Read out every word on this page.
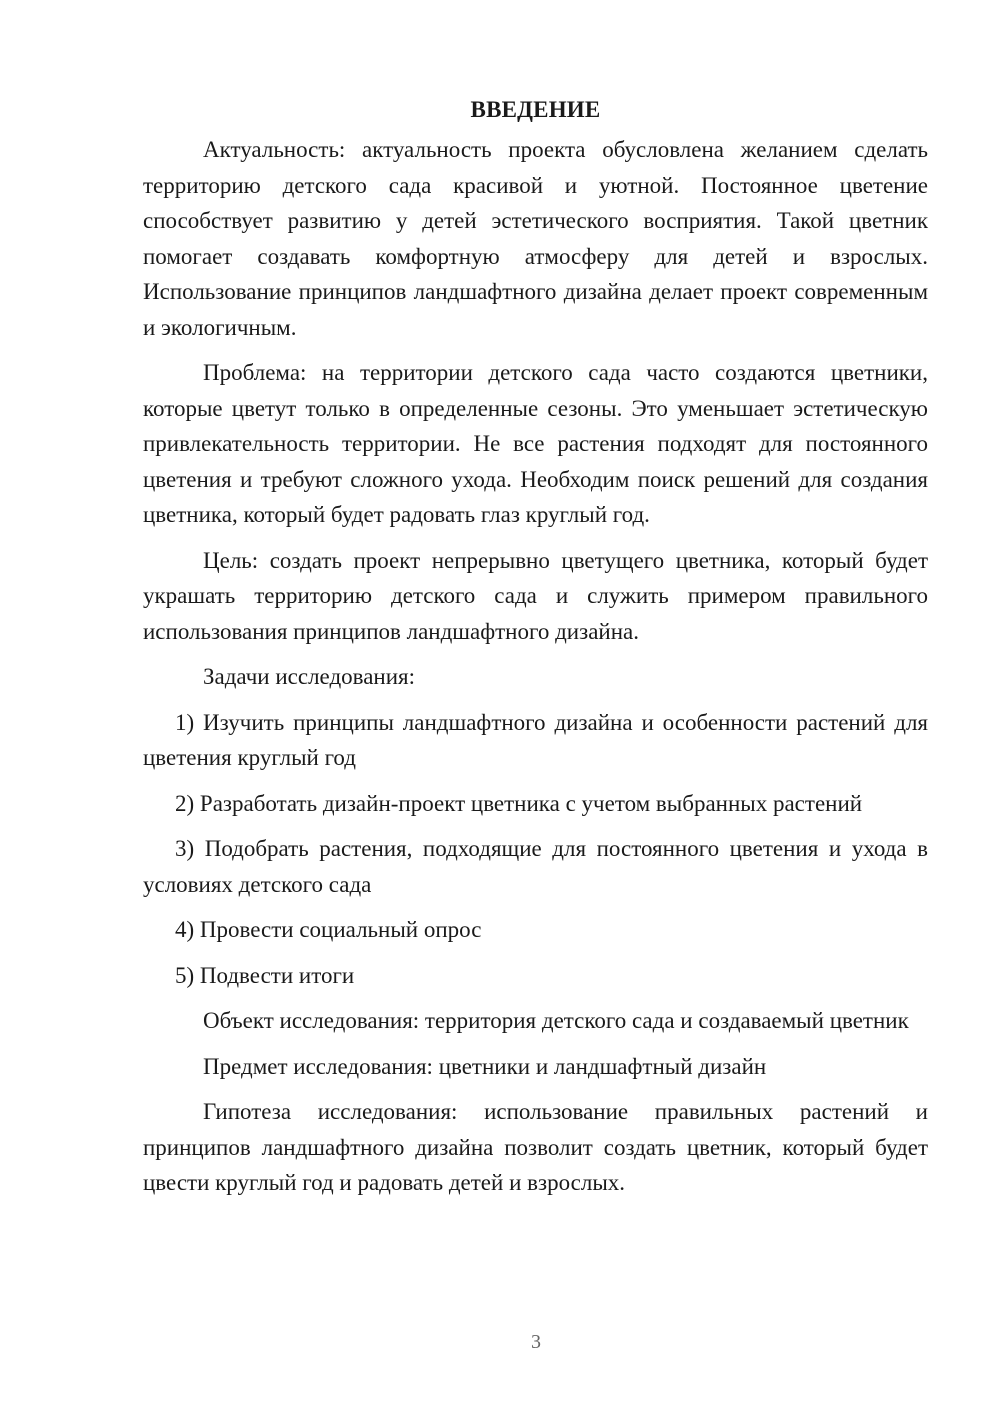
ВВЕДЕНИЕ

Актуальность: актуальность проекта обусловлена желанием сделать территорию детского сада красивой и уютной. Постоянное цветение способствует развитию у детей эстетического восприятия. Такой цветник помогает создавать комфортную атмосферу для детей и взрослых. Использование принципов ландшафтного дизайна делает проект современным и экологичным.

Проблема: на территории детского сада часто создаются цветники, которые цветут только в определенные сезоны. Это уменьшает эстетическую привлекательность территории. Не все растения подходят для постоянного цветения и требуют сложного ухода. Необходим поиск решений для создания цветника, который будет радовать глаз круглый год.

Цель: создать проект непрерывно цветущего цветника, который будет украшать территорию детского сада и служить примером правильного использования принципов ландшафтного дизайна.

Задачи исследования:

1) Изучить принципы ландшафтного дизайна и особенности растений для цветения круглый год

2) Разработать дизайн-проект цветника с учетом выбранных растений

3) Подобрать растения, подходящие для постоянного цветения и ухода в условиях детского сада

4) Провести социальный опрос

5) Подвести итоги

Объект исследования: территория детского сада и создаваемый цветник

Предмет исследования: цветники и ландшафтный дизайн

Гипотеза исследования: использование правильных растений и принципов ландшафтного дизайна позволит создать цветник, который будет цвести круглый год и радовать детей и взрослых.

3
